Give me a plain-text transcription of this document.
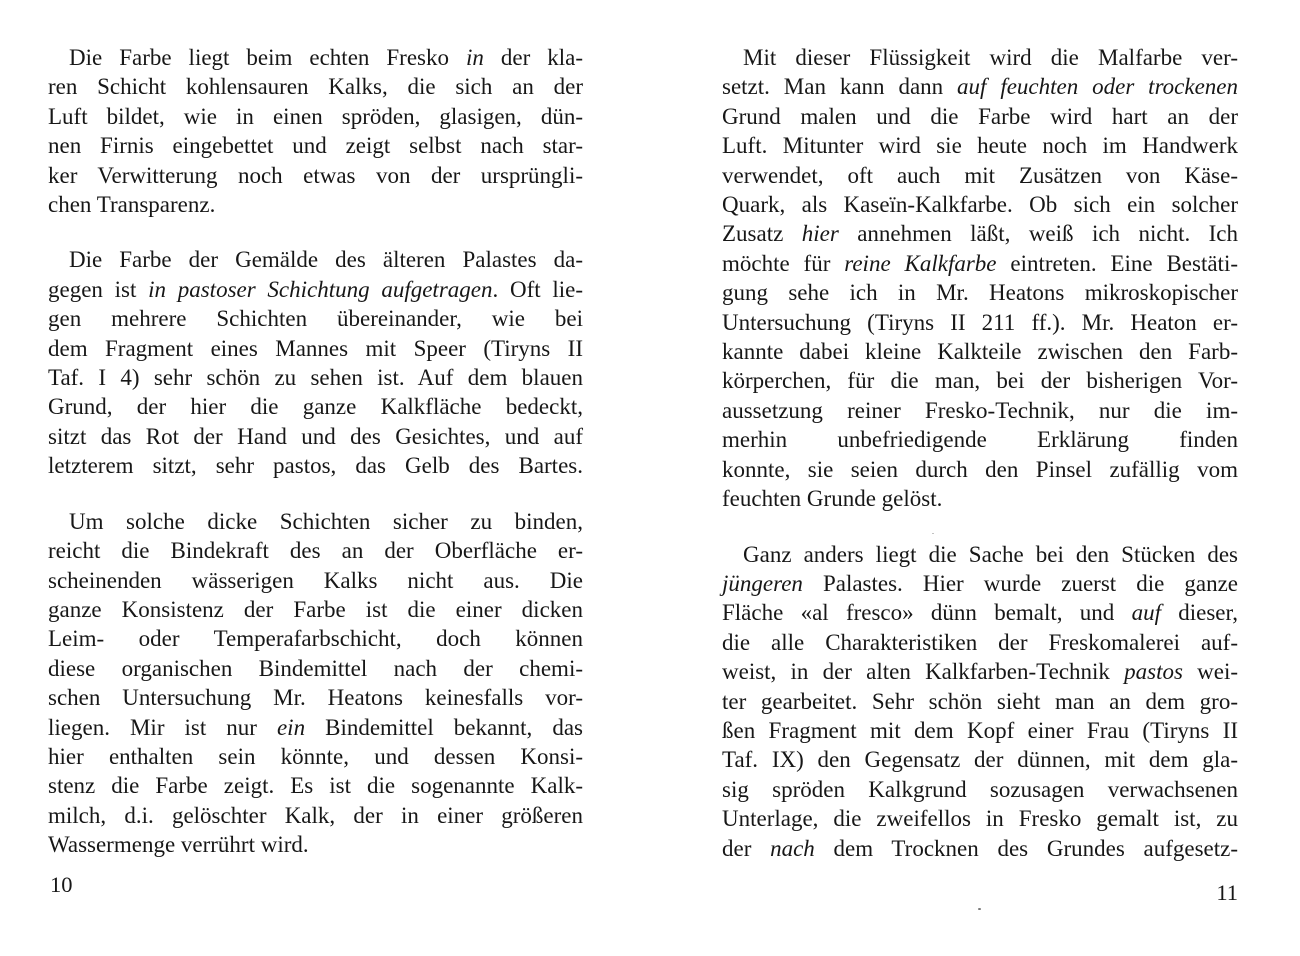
Die Farbe liegt beim echten Fresko in der kla-
ren Schicht kohlensauren Kalks, die sich an der
Luft bildet, wie in einen spröden, glasigen, dün-
nen Firnis eingebettet und zeigt selbst nach star-
ker Verwitterung noch etwas von der ursprüngli-
chen Transparenz.
Die Farbe der Gemälde des älteren Palastes da-
gegen ist in pastoser Schichtung aufgetragen. Oft lie-
gen mehrere Schichten übereinander, wie bei
dem Fragment eines Mannes mit Speer (Tiryns II
Taf. I 4) sehr schön zu sehen ist. Auf dem blauen
Grund, der hier die ganze Kalkfläche bedeckt,
sitzt das Rot der Hand und des Gesichtes, und auf
letzterem sitzt, sehr pastos, das Gelb des Bartes.
Um solche dicke Schichten sicher zu binden,
reicht die Bindekraft des an der Oberfläche er-
scheinenden wässerigen Kalks nicht aus. Die
ganze Konsistenz der Farbe ist die einer dicken
Leim- oder Temperafarbschicht, doch können
diese organischen Bindemittel nach der chemi-
schen Untersuchung Mr. Heatons keinesfalls vor-
liegen. Mir ist nur ein Bindemittel bekannt, das
hier enthalten sein könnte, und dessen Konsi-
stenz die Farbe zeigt. Es ist die sogenannte Kalk-
milch, d.i. gelöschter Kalk, der in einer größeren
Wassermenge verrührt wird.
Mit dieser Flüssigkeit wird die Malfarbe ver-
setzt. Man kann dann auf feuchten oder trockenen
Grund malen und die Farbe wird hart an der
Luft. Mitunter wird sie heute noch im Handwerk
verwendet, oft auch mit Zusätzen von Käse-
Quark, als Kaseïn-Kalkfarbe. Ob sich ein solcher
Zusatz hier annehmen läßt, weiß ich nicht. Ich
möchte für reine Kalkfarbe eintreten. Eine Bestäti-
gung sehe ich in Mr. Heatons mikroskopischer
Untersuchung (Tiryns II 211 ff.). Mr. Heaton er-
kannte dabei kleine Kalkteile zwischen den Farb-
körperchen, für die man, bei der bisherigen Vor-
aussetzung reiner Fresko-Technik, nur die im-
merhin unbefriedigende Erklärung finden
konnte, sie seien durch den Pinsel zufällig vom
feuchten Grunde gelöst.
Ganz anders liegt die Sache bei den Stücken des
jüngeren Palastes. Hier wurde zuerst die ganze
Fläche «al fresco» dünn bemalt, und auf dieser,
die alle Charakteristiken der Freskomalerei auf-
weist, in der alten Kalkfarben-Technik pastos wei-
ter gearbeitet. Sehr schön sieht man an dem gro-
ßen Fragment mit dem Kopf einer Frau (Tiryns II
Taf. IX) den Gegensatz der dünnen, mit dem gla-
sig spröden Kalkgrund sozusagen verwachsenen
Unterlage, die zweifellos in Fresko gemalt ist, zu
der nach dem Trocknen des Grundes aufgesetz-
10	11
